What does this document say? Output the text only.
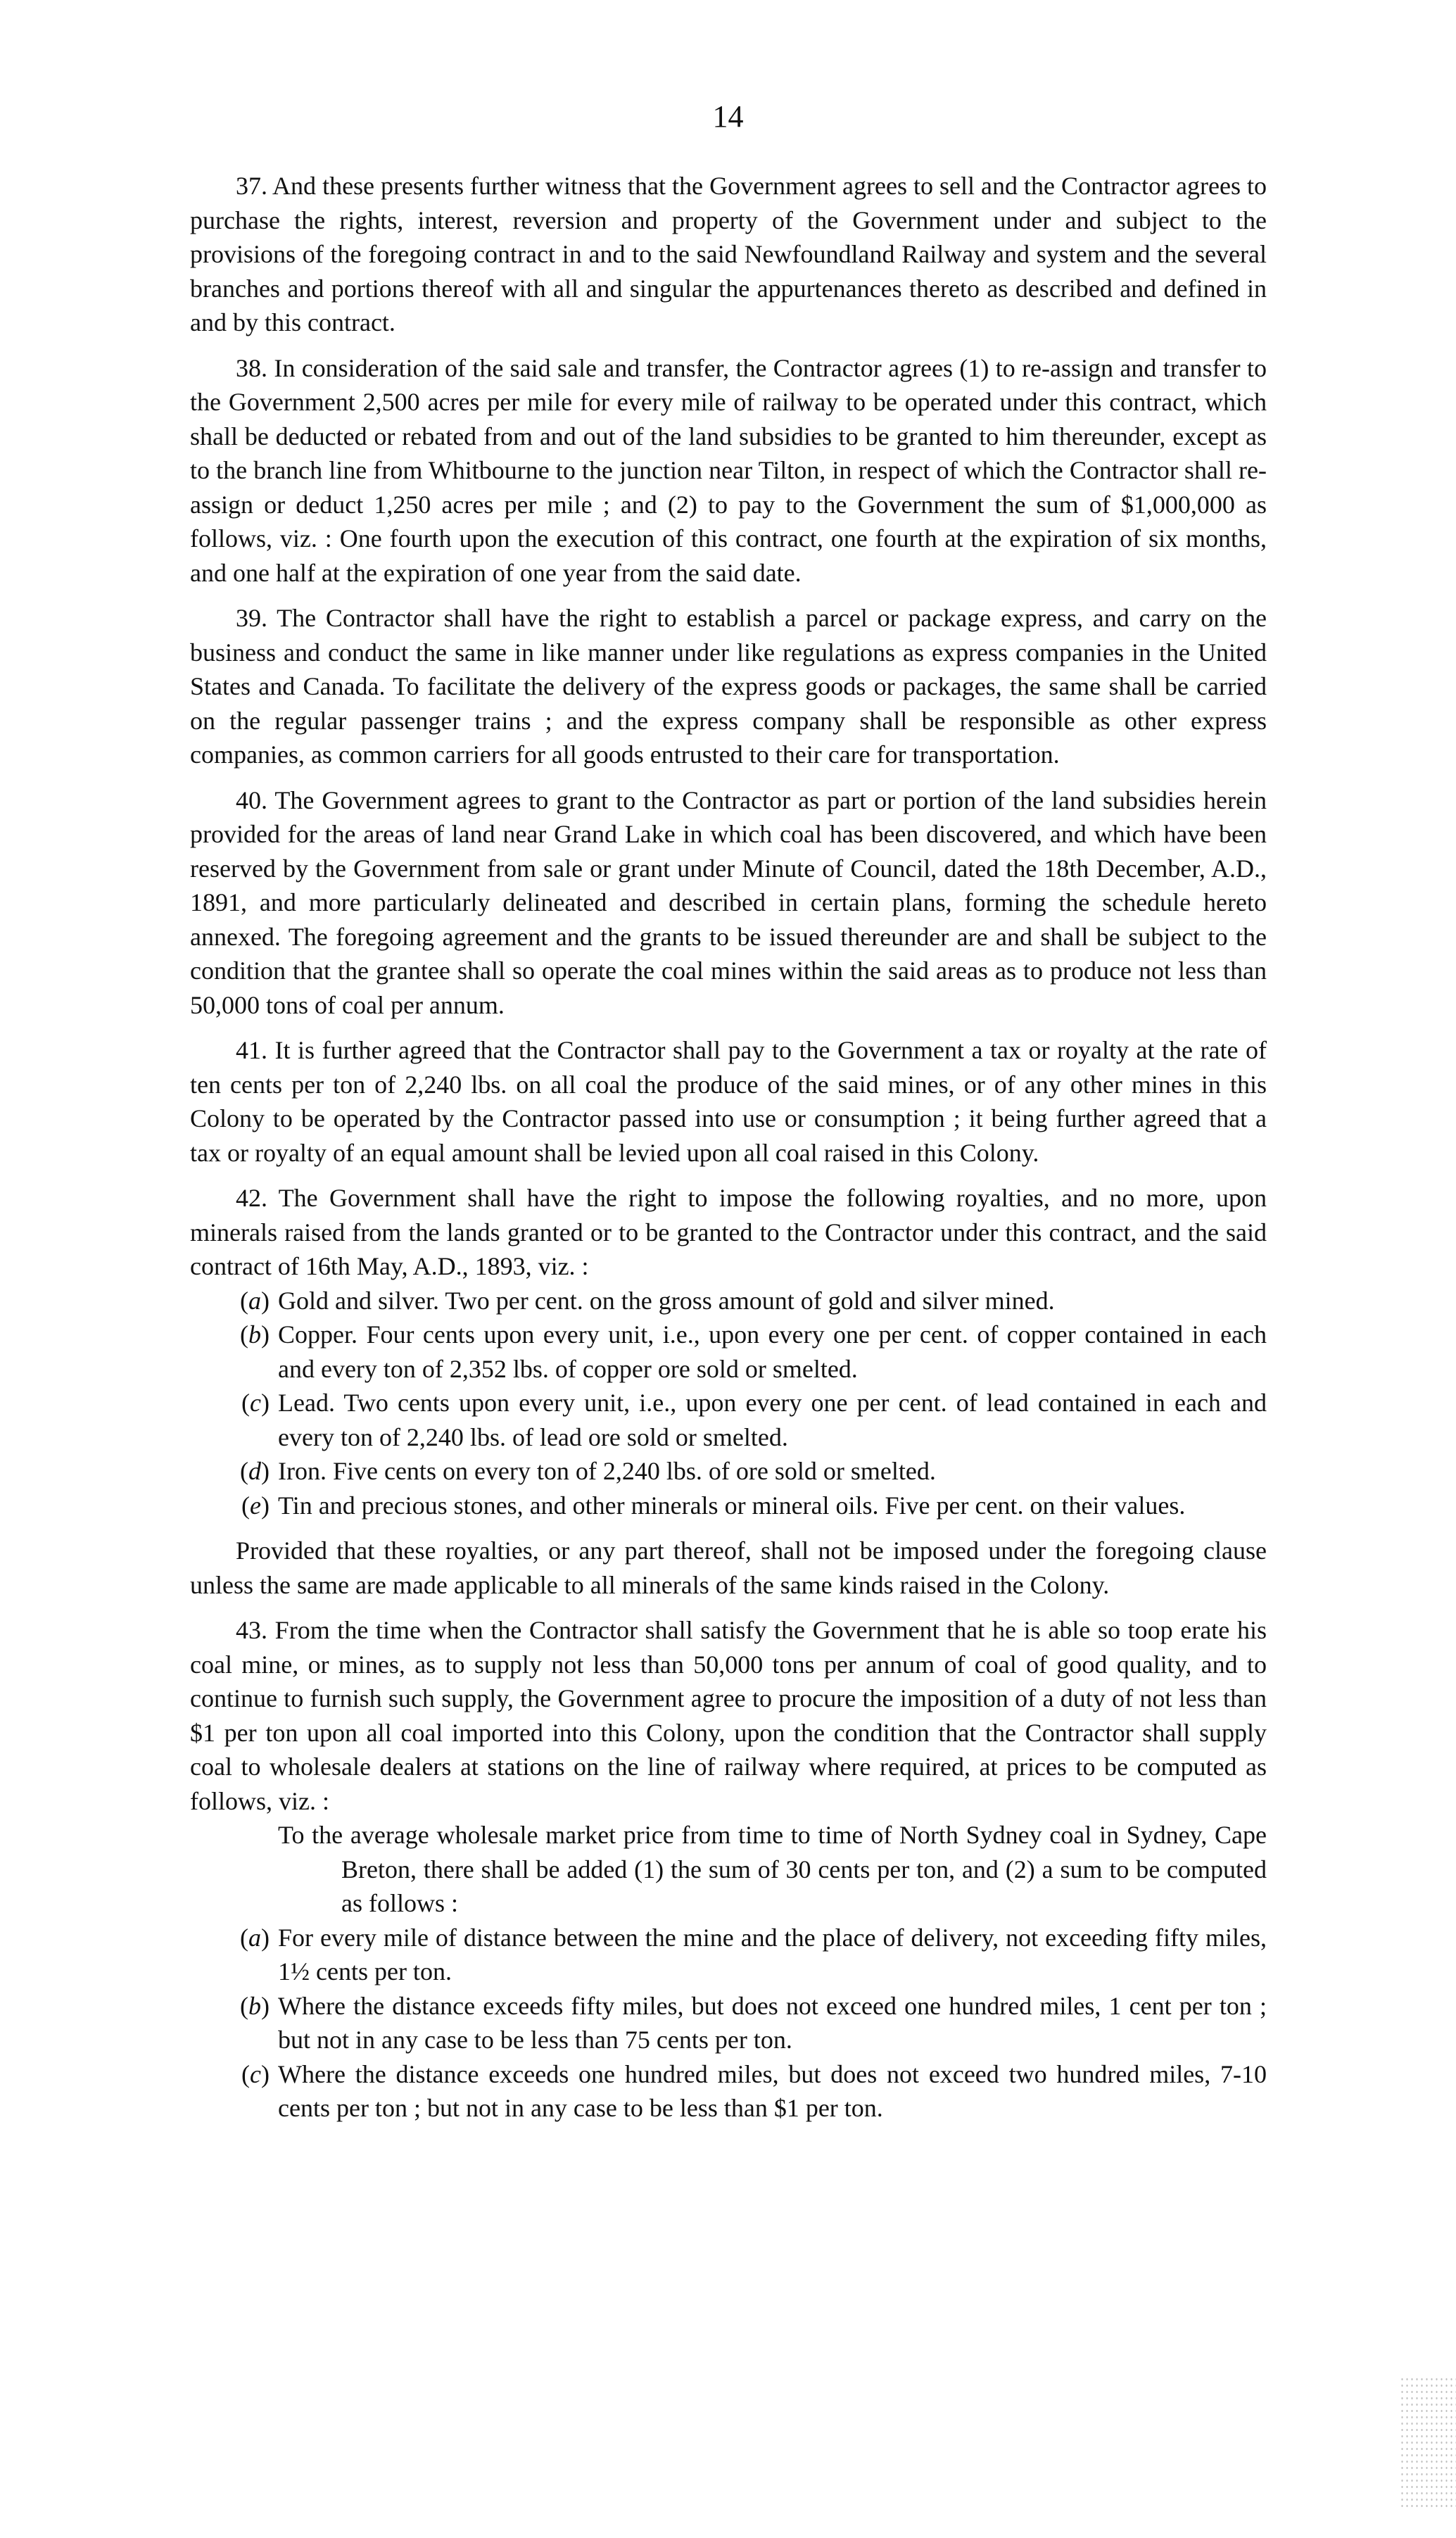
14

37. And these presents further witness that the Government agrees to sell and the Contractor agrees to purchase the rights, interest, reversion and property of the Government under and subject to the provisions of the foregoing contract in and to the said Newfoundland Railway and system and the several branches and portions thereof with all and singular the appurtenances thereto as described and defined in and by this contract.

38. In consideration of the said sale and transfer, the Contractor agrees (1) to re-assign and transfer to the Government 2,500 acres per mile for every mile of railway to be operated under this contract, which shall be deducted or rebated from and out of the land subsidies to be granted to him thereunder, except as to the branch line from Whitbourne to the junction near Tilton, in respect of which the Contractor shall re-assign or deduct 1,250 acres per mile ; and (2) to pay to the Government the sum of $1,000,000 as follows, viz. : One fourth upon the execution of this contract, one fourth at the expiration of six months, and one half at the expiration of one year from the said date.

39. The Contractor shall have the right to establish a parcel or package express, and carry on the business and conduct the same in like manner under like regulations as express companies in the United States and Canada. To facilitate the delivery of the express goods or packages, the same shall be carried on the regular passenger trains ; and the express company shall be responsible as other express companies, as common carriers for all goods entrusted to their care for transportation.

40. The Government agrees to grant to the Contractor as part or portion of the land subsidies herein provided for the areas of land near Grand Lake in which coal has been discovered, and which have been reserved by the Government from sale or grant under Minute of Council, dated the 18th December, A.D., 1891, and more particularly delineated and described in certain plans, forming the schedule hereto annexed. The foregoing agreement and the grants to be issued thereunder are and shall be subject to the condition that the grantee shall so operate the coal mines within the said areas as to produce not less than 50,000 tons of coal per annum.

41. It is further agreed that the Contractor shall pay to the Government a tax or royalty at the rate of ten cents per ton of 2,240 lbs. on all coal the produce of the said mines, or of any other mines in this Colony to be operated by the Contractor passed into use or consumption ; it being further agreed that a tax or royalty of an equal amount shall be levied upon all coal raised in this Colony.

42. The Government shall have the right to impose the following royalties, and no more, upon minerals raised from the lands granted or to be granted to the Contractor under this contract, and the said contract of 16th May, A.D., 1893, viz. :

(a) Gold and silver. Two per cent. on the gross amount of gold and silver mined.
(b) Copper. Four cents upon every unit, i.e., upon every one per cent. of copper contained in each and every ton of 2,352 lbs. of copper ore sold or smelted.
(c) Lead. Two cents upon every unit, i.e., upon every one per cent. of lead contained in each and every ton of 2,240 lbs. of lead ore sold or smelted.
(d) Iron. Five cents on every ton of 2,240 lbs. of ore sold or smelted.
(e) Tin and precious stones, and other minerals or mineral oils. Five per cent. on their values.

Provided that these royalties, or any part thereof, shall not be imposed under the foregoing clause unless the same are made applicable to all minerals of the same kinds raised in the Colony.

43. From the time when the Contractor shall satisfy the Government that he is able so toop erate his coal mine, or mines, as to supply not less than 50,000 tons per annum of coal of good quality, and to continue to furnish such supply, the Government agree to procure the imposition of a duty of not less than $1 per ton upon all coal imported into this Colony, upon the condition that the Contractor shall supply coal to wholesale dealers at stations on the line of railway where required, at prices to be computed as follows, viz. :

To the average wholesale market price from time to time of North Sydney coal in Sydney, Cape Breton, there shall be added (1) the sum of 30 cents per ton, and (2) a sum to be computed as follows :

(a) For every mile of distance between the mine and the place of delivery, not exceeding fifty miles, 1½ cents per ton.
(b) Where the distance exceeds fifty miles, but does not exceed one hundred miles, 1 cent per ton ; but not in any case to be less than 75 cents per ton.
(c) Where the distance exceeds one hundred miles, but does not exceed two hundred miles, 7-10 cents per ton ; but not in any case to be less than $1 per ton.
